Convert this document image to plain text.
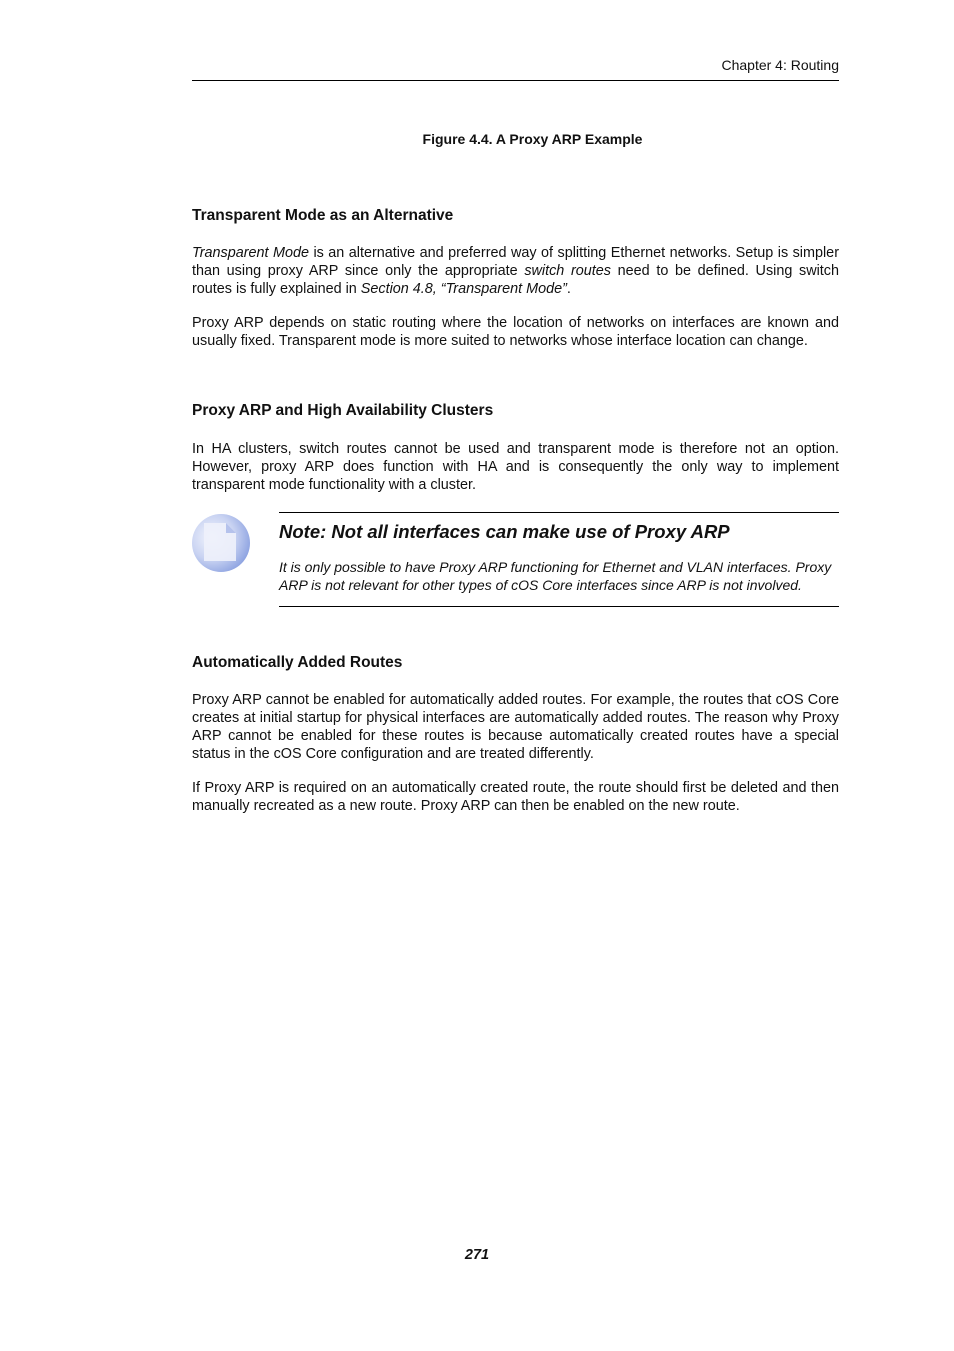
Chapter 4: Routing
Figure 4.4. A Proxy ARP Example
Transparent Mode as an Alternative

Transparent Mode is an alternative and preferred way of splitting Ethernet networks. Setup is simpler than using proxy ARP since only the appropriate switch routes need to be defined. Using switch routes is fully explained in Section 4.8, “Transparent Mode”.

Proxy ARP depends on static routing where the location of networks on interfaces are known and usually fixed. Transparent mode is more suited to networks whose interface location can change.

Proxy ARP and High Availability Clusters

In HA clusters, switch routes cannot be used and transparent mode is therefore not an option. However, proxy ARP does function with HA and is consequently the only way to implement transparent mode functionality with a cluster.

Note: Not all interfaces can make use of Proxy ARP

It is only possible to have Proxy ARP functioning for Ethernet and VLAN interfaces. Proxy ARP is not relevant for other types of cOS Core interfaces since ARP is not involved.

Automatically Added Routes

Proxy ARP cannot be enabled for automatically added routes. For example, the routes that cOS Core creates at initial startup for physical interfaces are automatically added routes. The reason why Proxy ARP cannot be enabled for these routes is because automatically created routes have a special status in the cOS Core configuration and are treated differently.

If Proxy ARP is required on an automatically created route, the route should first be deleted and then manually recreated as a new route. Proxy ARP can then be enabled on the new route.

271
